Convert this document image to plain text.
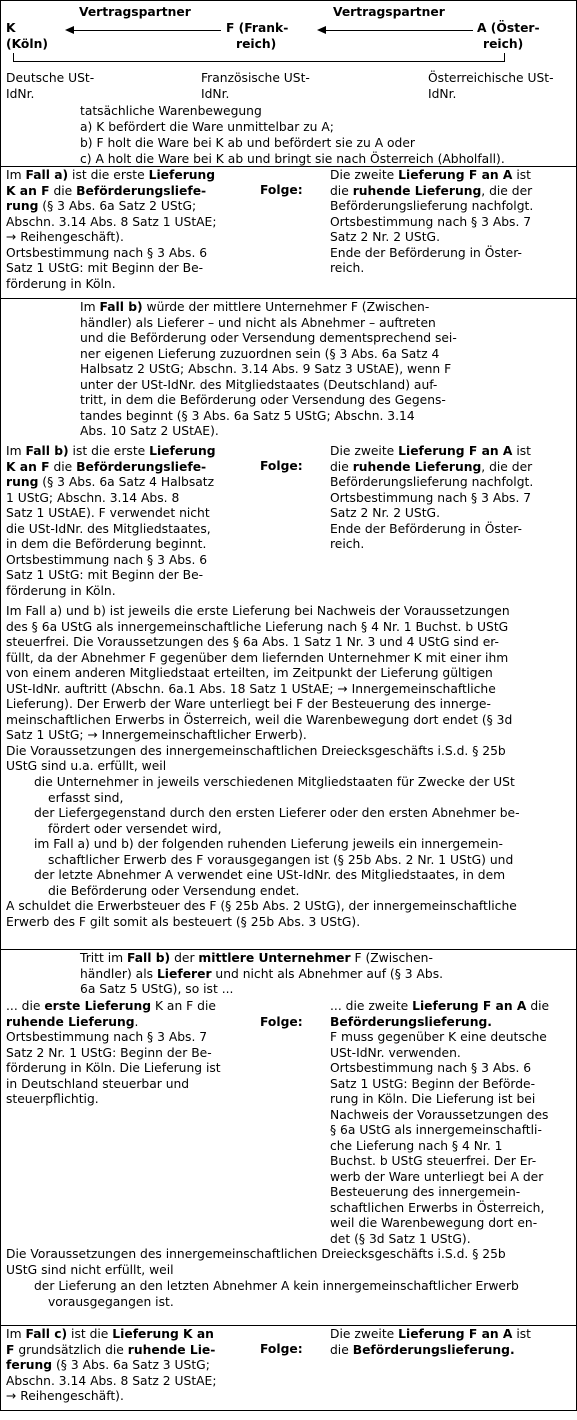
Vertragspartner	Vertragspartner
K
(Köln)
F (Frank-
reich)
A (Öster-
reich)
Deutsche USt-
IdNr.
Französische USt-
IdNr.
Österreichische USt-
IdNr.
tatsächliche Warenbewegung
a) K befördert die Ware unmittelbar zu A;
b) F holt die Ware bei K ab und befördert sie zu A oder
c) A holt die Ware bei K ab und bringt sie nach Österreich (Abholfall).
Im Fall a) ist die erste Lieferung
K an F die Beförderungsliefe-
rung (§ 3 Abs. 6a Satz 2 UStG;
Abschn. 3.14 Abs. 8 Satz 1 UStAE;
→ Reihengeschäft).
Ortsbestimmung nach § 3 Abs. 6
Satz 1 UStG: mit Beginn der Be-
förderung in Köln.
Folge:
Die zweite Lieferung F an A ist
die ruhende Lieferung, die der
Beförderungslieferung nachfolgt.
Ortsbestimmung nach § 3 Abs. 7
Satz 2 Nr. 2 UStG.
Ende der Beförderung in Öster-
reich.
Im Fall b) würde der mittlere Unternehmer F (Zwischen-
händler) als Lieferer – und nicht als Abnehmer – auftreten
und die Beförderung oder Versendung dementsprechend sei-
ner eigenen Lieferung zuzuordnen sein (§ 3 Abs. 6a Satz 4
Halbsatz 2 UStG; Abschn. 3.14 Abs. 9 Satz 3 UStAE), wenn F
unter der USt-IdNr. des Mitgliedstaates (Deutschland) auf-
tritt, in dem die Beförderung oder Versendung des Gegens-
tandes beginnt (§ 3 Abs. 6a Satz 5 UStG; Abschn. 3.14
Abs. 10 Satz 2 UStAE).
Im Fall b) ist die erste Lieferung
K an F die Beförderungsliefe-
rung (§ 3 Abs. 6a Satz 4 Halbsatz
1 UStG; Abschn. 3.14 Abs. 8
Satz 1 UStAE). F verwendet nicht
die USt-IdNr. des Mitgliedstaates,
in dem die Beförderung beginnt.
Ortsbestimmung nach § 3 Abs. 6
Satz 1 UStG: mit Beginn der Be-
förderung in Köln.
Folge:
Die zweite Lieferung F an A ist
die ruhende Lieferung, die der
Beförderungslieferung nachfolgt.
Ortsbestimmung nach § 3 Abs. 7
Satz 2 Nr. 2 UStG.
Ende der Beförderung in Öster-
reich.
Im Fall a) und b) ist jeweils die erste Lieferung bei Nachweis der Voraussetzungen
des § 6a UStG als innergemeinschaftliche Lieferung nach § 4 Nr. 1 Buchst. b UStG
steuerfrei. Die Voraussetzungen des § 6a Abs. 1 Satz 1 Nr. 3 und 4 UStG sind er-
füllt, da der Abnehmer F gegenüber dem liefernden Unternehmer K mit einer ihm
von einem anderen Mitgliedstaat erteilten, im Zeitpunkt der Lieferung gültigen
USt-IdNr. auftritt (Abschn. 6a.1 Abs. 18 Satz 1 UStAE; → Innergemeinschaftliche
Lieferung). Der Erwerb der Ware unterliegt bei F der Besteuerung des innerge-
meinschaftlichen Erwerbs in Österreich, weil die Warenbewegung dort endet (§ 3d
Satz 1 UStG; → Innergemeinschaftlicher Erwerb).
Die Voraussetzungen des innergemeinschaftlichen Dreiecksgeschäfts i.S.d. § 25b
UStG sind u.a. erfüllt, weil
die Unternehmer in jeweils verschiedenen Mitgliedstaaten für Zwecke der USt
erfasst sind,
der Liefergegenstand durch den ersten Lieferer oder den ersten Abnehmer be-
fördert oder versendet wird,
im Fall a) und b) der folgenden ruhenden Lieferung jeweils ein innergemein-
schaftlicher Erwerb des F vorausgegangen ist (§ 25b Abs. 2 Nr. 1 UStG) und
der letzte Abnehmer A verwendet eine USt-IdNr. des Mitgliedstaates, in dem
die Beförderung oder Versendung endet.
A schuldet die Erwerbsteuer des F (§ 25b Abs. 2 UStG), der innergemeinschaftliche
Erwerb des F gilt somit als besteuert (§ 25b Abs. 3 UStG).
Tritt im Fall b) der mittlere Unternehmer F (Zwischen-
händler) als Lieferer und nicht als Abnehmer auf (§ 3 Abs.
6a Satz 5 UStG), so ist ...
... die erste Lieferung K an F die
ruhende Lieferung.
Ortsbestimmung nach § 3 Abs. 7
Satz 2 Nr. 1 UStG: Beginn der Be-
förderung in Köln. Die Lieferung ist
in Deutschland steuerbar und
steuerpflichtig.
Folge:
... die zweite Lieferung F an A die
Beförderungslieferung.
F muss gegenüber K eine deutsche
USt-IdNr. verwenden.
Ortsbestimmung nach § 3 Abs. 6
Satz 1 UStG: Beginn der Beförde-
rung in Köln. Die Lieferung ist bei
Nachweis der Voraussetzungen des
§ 6a UStG als innergemeinschaftli-
che Lieferung nach § 4 Nr. 1
Buchst. b UStG steuerfrei. Der Er-
werb der Ware unterliegt bei A der
Besteuerung des innergemein-
schaftlichen Erwerbs in Österreich,
weil die Warenbewegung dort en-
det (§ 3d Satz 1 UStG).
Die Voraussetzungen des innergemeinschaftlichen Dreiecksgeschäfts i.S.d. § 25b
UStG sind nicht erfüllt, weil
der Lieferung an den letzten Abnehmer A kein innergemeinschaftlicher Erwerb
vorausgegangen ist.
Im Fall c) ist die Lieferung K an
F grundsätzlich die ruhende Lie-
ferung (§ 3 Abs. 6a Satz 3 UStG;
Abschn. 3.14 Abs. 8 Satz 2 UStAE;
→ Reihengeschäft).
Folge:
Die zweite Lieferung F an A ist
die Beförderungslieferung.
